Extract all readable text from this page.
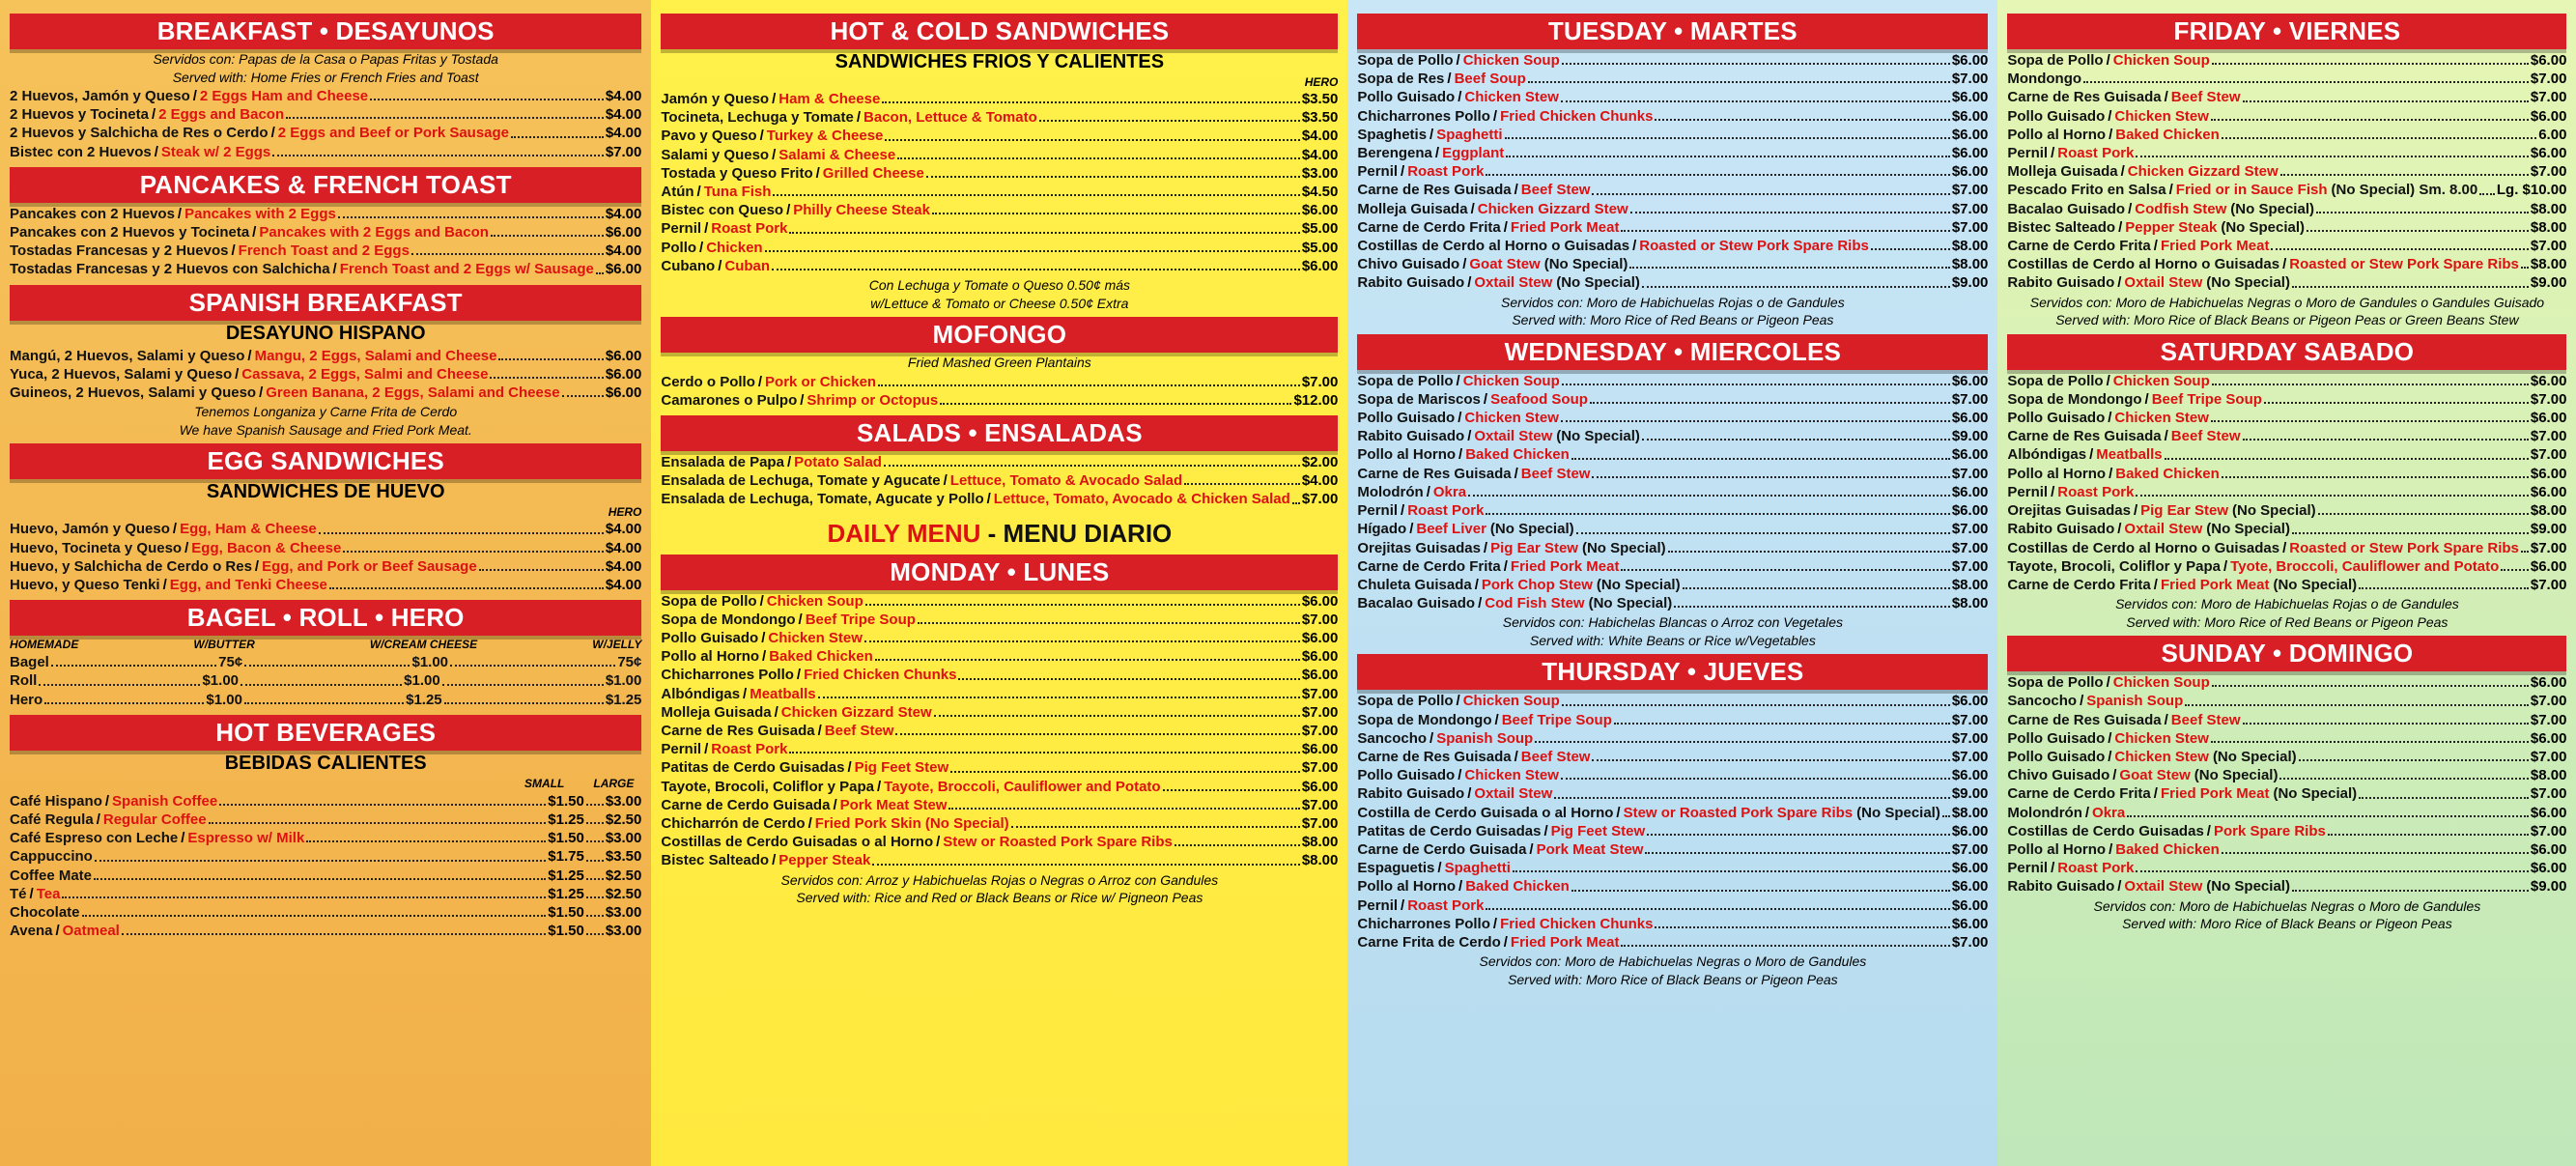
BREAKFAST • DESAYUNOS
Servidos con: Papas de la Casa o Papas Fritas y Tostada
Served with: Home Fries or French Fries and Toast
2 Huevos, Jamón y Queso / 2 Eggs Ham and Cheese	$4.00
2 Huevos y Tocineta / 2 Eggs and Bacon	$4.00
2 Huevos y Salchicha de Res o Cerdo / 2 Eggs and Beef or Pork Sausage	$4.00
Bistec con 2 Huevos / Steak w/ 2 Eggs	$7.00
PANCAKES & FRENCH TOAST
Pancakes con 2 Huevos / Pancakes with 2 Eggs	$4.00
Pancakes con 2 Huevos y Tocineta / Pancakes with 2 Eggs and Bacon	$6.00
Tostadas Francesas y 2 Huevos / French Toast and 2 Eggs	$4.00
Tostadas Francesas y 2 Huevos con Salchicha / French Toast and 2 Eggs w/ Sausage $6.00
SPANISH BREAKFAST
DESAYUNO HISPANO
Mangú, 2 Huevos, Salami y Queso / Mangu, 2 Eggs, Salami and Cheese	$6.00
Yuca, 2 Huevos, Salami y Queso / Cassava, 2 Eggs, Salmi and Cheese	$6.00
Guineos, 2 Huevos, Salami y Queso / Green Banana, 2 Eggs, Salami and Cheese	$6.00
Tenemos Longaniza y Carne Frita de Cerdo
We have Spanish Sausage and Fried Pork Meat.
EGG SANDWICHES
SANDWICHES DE HUEVO
HERO
Huevo, Jamón y Queso / Egg, Ham & Cheese	$4.00
Huevo, Tocineta y Queso / Egg, Bacon & Cheese	$4.00
Huevo, y Salchicha de Cerdo o Res / Egg, and Pork or Beef Sausage	$4.00
Huevo, y Queso Tenki / Egg, and Tenki Cheese	$4.00
BAGEL • ROLL • HERO
HOMEMADE	W/BUTTER	W/CREAM CHEESE	W/JELLY
Bagel	75¢	$1.00	75¢
Roll	$1.00	$1.00	$1.00
Hero	$1.00	$1.25	$1.25
HOT BEVERAGES
BEBIDAS CALIENTES
SMALL	LARGE
Café Hispano / Spanish Coffee	$1.50 $3.00
Café Regula / Regular Coffee	$1.25 $2.50
Café Espreso con Leche / Espresso w/ Milk	$1.50 $3.00
Cappuccino	$1.75 $3.50
Coffee Mate	$1.25 $2.50
Té / Tea	$1.25 $2.50
Chocolate	$1.50 $3.00
Avena / Oatmeal	$1.50 $3.00
HOT & COLD SANDWICHES
SANDWICHES FRIOS Y CALIENTES
HERO
Jamón y Queso / Ham & Cheese	$3.50
Tocineta, Lechuga y Tomate / Bacon, Lettuce & Tomato	$3.50
Pavo y Queso / Turkey & Cheese	$4.00
Salami y Queso / Salami & Cheese	$4.00
Tostada y Queso Frito / Grilled Cheese	$3.00
Atún / Tuna Fish	$4.50
Bistec con Queso / Philly Cheese Steak	$6.00
Pernil / Roast Pork	$5.00
Pollo / Chicken	$5.00
Cubano / Cuban	$6.00
Con Lechuga y Tomate o Queso 0.50¢ más
w/Lettuce & Tomato or Cheese 0.50¢ Extra
MOFONGO
Fried Mashed Green Plantains
Cerdo o Pollo / Pork or Chicken	$7.00
Camarones o Pulpo / Shrimp or Octopus	$12.00
SALADS • ENSALADAS
Ensalada de Papa / Potato Salad	$2.00
Ensalada de Lechuga, Tomate y Agucate / Lettuce, Tomato & Avocado Salad	$4.00
Ensalada de Lechuga, Tomate, Agucate y Pollo / Lettuce, Tomato, Avocado & Chicken Salad $7.00
DAILY MENU - MENU DIARIO
MONDAY • LUNES
Sopa de Pollo / Chicken Soup	$6.00
Sopa de Mondongo / Beef Tripe Soup	$7.00
Pollo Guisado / Chicken Stew	$6.00
Pollo al Horno / Baked Chicken	$6.00
Chicharrones Pollo / Fried Chicken Chunks	$6.00
Albóndigas / Meatballs	$7.00
Molleja Guisada / Chicken Gizzard Stew	$7.00
Carne de Res Guisada / Beef Stew	$7.00
Pernil / Roast Pork	$6.00
Patitas de Cerdo Guisadas / Pig Feet Stew	$7.00
Tayote, Brocoli, Coliflor y Papa / Tayote, Broccoli, Cauliflower and Potato	$6.00
Carne de Cerdo Guisada / Pork Meat Stew	$7.00
Chicharrón de Cerdo / Fried Pork Skin (No Special)	$7.00
Costillas de Cerdo Guisadas o al Horno / Stew or Roasted Pork Spare Ribs	$8.00
Bistec Salteado / Pepper Steak	$8.00
Servidos con: Arroz y Habichuelas Rojas o Negras o Arroz con Gandules
Served with: Rice and Red or Black Beans or Rice w/ Pigneon Peas
TUESDAY • MARTES
Sopa de Pollo / Chicken Soup	$6.00
Sopa de Res / Beef Soup	$7.00
Pollo Guisado / Chicken Stew	$6.00
Chicharrones Pollo / Fried Chicken Chunks	$6.00
Spaghetis / Spaghetti	$6.00
Berengena / Eggplant	$6.00
Pernil / Roast Pork	$6.00
Carne de Res Guisada / Beef Stew	$7.00
Molleja Guisada / Chicken Gizzard Stew	$7.00
Carne de Cerdo Frita / Fried Pork Meat	$7.00
Costillas de Cerdo al Horno o Guisadas / Roasted or Stew Pork Spare Ribs	$8.00
Chivo Guisado / Goat Stew (No Special)	$8.00
Rabito Guisado / Oxtail Stew (No Special)	$9.00
Servidos con: Moro de Habichuelas Rojas o de Gandules
Served with: Moro Rice of Red Beans or Pigeon Peas
WEDNESDAY • MIERCOLES
Sopa de Pollo / Chicken Soup	$6.00
Sopa de Mariscos / Seafood Soup	$7.00
Pollo Guisado / Chicken Stew	$6.00
Rabito Guisado / Oxtail Stew (No Special)	$9.00
Pollo al Horno / Baked Chicken	$6.00
Carne de Res Guisada / Beef Stew	$7.00
Molodrón / Okra	$6.00
Pernil / Roast Pork	$6.00
Hígado / Beef Liver (No Special)	$7.00
Orejitas Guisadas / Pig Ear Stew (No Special)	$7.00
Carne de Cerdo Frita / Fried Pork Meat	$7.00
Chuleta Guisada / Pork Chop Stew (No Special)	$8.00
Bacalao Guisado / Cod Fish Stew (No Special)	$8.00
Servidos con: Habichelas Blancas o Arroz con Vegetales
Served with: White Beans or Rice w/Vegetables
THURSDAY • JUEVES
Sopa de Pollo / Chicken Soup	$6.00
Sopa de Mondongo / Beef Tripe Soup	$7.00
Sancocho / Spanish Soup	$7.00
Carne de Res Guisada / Beef Stew	$7.00
Pollo Guisado / Chicken Stew	$6.00
Rabito Guisado / Oxtail Stew	$9.00
Costilla de Cerdo Guisada o al Horno / Stew or Roasted Pork Spare Ribs (No Special) $8.00
Patitas de Cerdo Guisadas / Pig Feet Stew	$6.00
Carne de Cerdo Guisada / Pork Meat Stew	$7.00
Espaguetis / Spaghetti	$6.00
Pollo al Horno / Baked Chicken	$6.00
Pernil / Roast Pork	$6.00
Chicharrones Pollo / Fried Chicken Chunks	$6.00
Carne Frita de Cerdo / Fried Pork Meat	$7.00
Servidos con: Moro de Habichuelas Negras o Moro de Gandules
Served with: Moro Rice of Black Beans or Pigeon Peas
FRIDAY • VIERNES
Sopa de Pollo / Chicken Soup	$6.00
Mondongo	$7.00
Carne de Res Guisada / Beef Stew	$7.00
Pollo Guisado / Chicken Stew	$6.00
Pollo al Horno / Baked Chicken	6.00
Pernil / Roast Pork	$6.00
Molleja Guisada / Chicken Gizzard Stew	$7.00
Pescado Frito en Salsa / Fried or in Sauce Fish (No Special) Sm. 8.00 Lg. $10.00
Bacalao Guisado / Codfish Stew (No Special)	$8.00
Bistec Salteado / Pepper Steak (No Special)	$8.00
Carne de Cerdo Frita / Fried Pork Meat	$7.00
Costillas de Cerdo al Horno o Guisadas / Roasted or Stew Pork Spare Ribs $8.00
Rabito Guisado / Oxtail Stew (No Special)	$9.00
Servidos con: Moro de Habichuelas Negras o Moro de Gandules o Gandules Guisado
Served with: Moro Rice of Black Beans or Pigeon Peas or Green Beans Stew
SATURDAY SABADO
Sopa de Pollo / Chicken Soup	$6.00
Sopa de Mondongo / Beef Tripe Soup	$7.00
Pollo Guisado / Chicken Stew	$6.00
Carne de Res Guisada / Beef Stew	$7.00
Albóndigas / Meatballs	$7.00
Pollo al Horno / Baked Chicken	$6.00
Pernil / Roast Pork	$6.00
Orejitas Guisadas / Pig Ear Stew (No Special)	$8.00
Rabito Guisado / Oxtail Stew (No Special)	$9.00
Costillas de Cerdo al Horno o Guisadas / Roasted or Stew Pork Spare Ribs $7.00
Tayote, Brocoli, Coliflor y Papa / Tyote, Broccoli, Cauliflower and Potato $6.00
Carne de Cerdo Frita / Fried Pork Meat (No Special)	$7.00
Servidos con: Moro de Habichuelas Rojas o de Gandules
Served with: Moro Rice of Red Beans or Pigeon Peas
SUNDAY • DOMINGO
Sopa de Pollo / Chicken Soup	$6.00
Sancocho / Spanish Soup	$7.00
Carne de Res Guisada / Beef Stew	$7.00
Pollo Guisado / Chicken Stew	$6.00
Pollo Guisado / Chicken Stew (No Special)	$7.00
Chivo Guisado / Goat Stew (No Special)	$8.00
Carne de Cerdo Frita / Fried Pork Meat (No Special)	$7.00
Molondrón / Okra	$6.00
Costillas de Cerdo Guisadas / Pork Spare Ribs	$7.00
Pollo al Horno / Baked Chicken	$6.00
Pernil / Roast Pork	$6.00
Rabito Guisado / Oxtail Stew (No Special)	$9.00
Servidos con: Moro de Habichuelas Negras o Moro de Gandules
Served with: Moro Rice of Black Beans or Pigeon Peas
